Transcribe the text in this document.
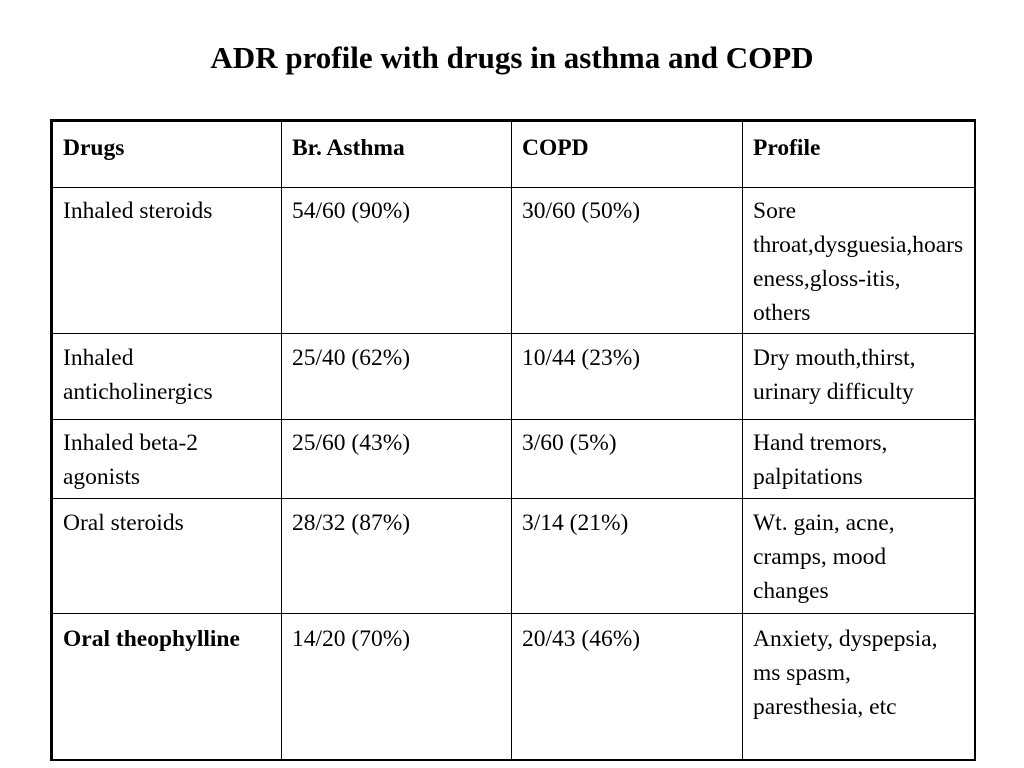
ADR profile with drugs in asthma and COPD
Drugs	Br. Asthma	COPD	Profile
Inhaled steroids	54/60 (90%)	30/60 (50%)	Sore throat,dysguesia,hoarseness,gloss-itis, others
Inhaled anticholinergics	25/40 (62%)	10/44 (23%)	Dry mouth,thirst, urinary difficulty
Inhaled beta-2 agonists	25/60 (43%)	3/60 (5%)	Hand tremors, palpitations
Oral steroids	28/32 (87%)	3/14 (21%)	Wt. gain, acne, cramps, mood changes
Oral theophylline	14/20 (70%)	20/43 (46%)	Anxiety, dyspepsia, ms spasm, paresthesia, etc
